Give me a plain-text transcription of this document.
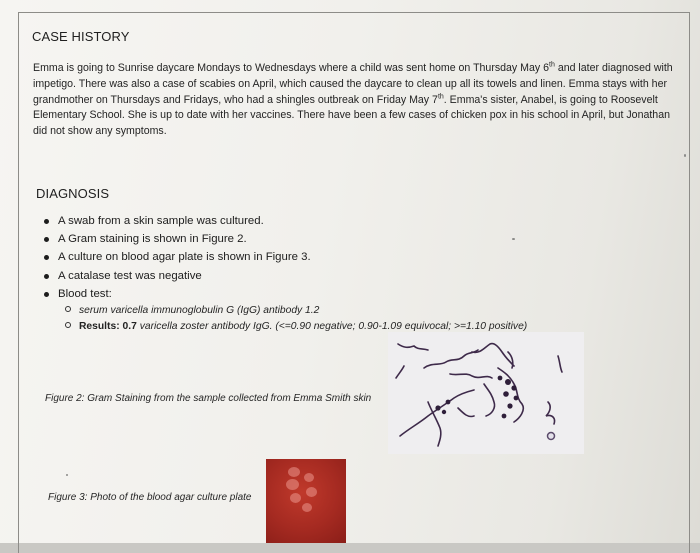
CASE HISTORY
Emma is going to Sunrise daycare Mondays to Wednesdays where a child was sent home on Thursday May 6th and later diagnosed with impetigo. There was also a case of scabies on April, which caused the daycare to clean up all its towels and linen. Emma stays with her grandmother on Thursdays and Fridays, who had a shingles outbreak on Friday May 7th. Emma's sister, Anabel, is going to Roosevelt Elementary School. She is up to date with her vaccines. There have been a few cases of chicken pox in his school in April, but Jonathan did not show any symptoms.
DIAGNOSIS
A swab from a skin sample was cultured.
A Gram staining is shown in Figure 2.
A culture on blood agar plate is shown in Figure 3.
A catalase test was negative
Blood test:
serum varicella immunoglobulin G (IgG) antibody 1.2
Results: 0.7 varicella zoster antibody IgG. (<=0.90 negative; 0.90-1.09 equivocal; >=1.10 positive)
Figure 2: Gram Staining from the sample collected from Emma Smith skin
Figure 3: Photo of the blood agar culture plate
